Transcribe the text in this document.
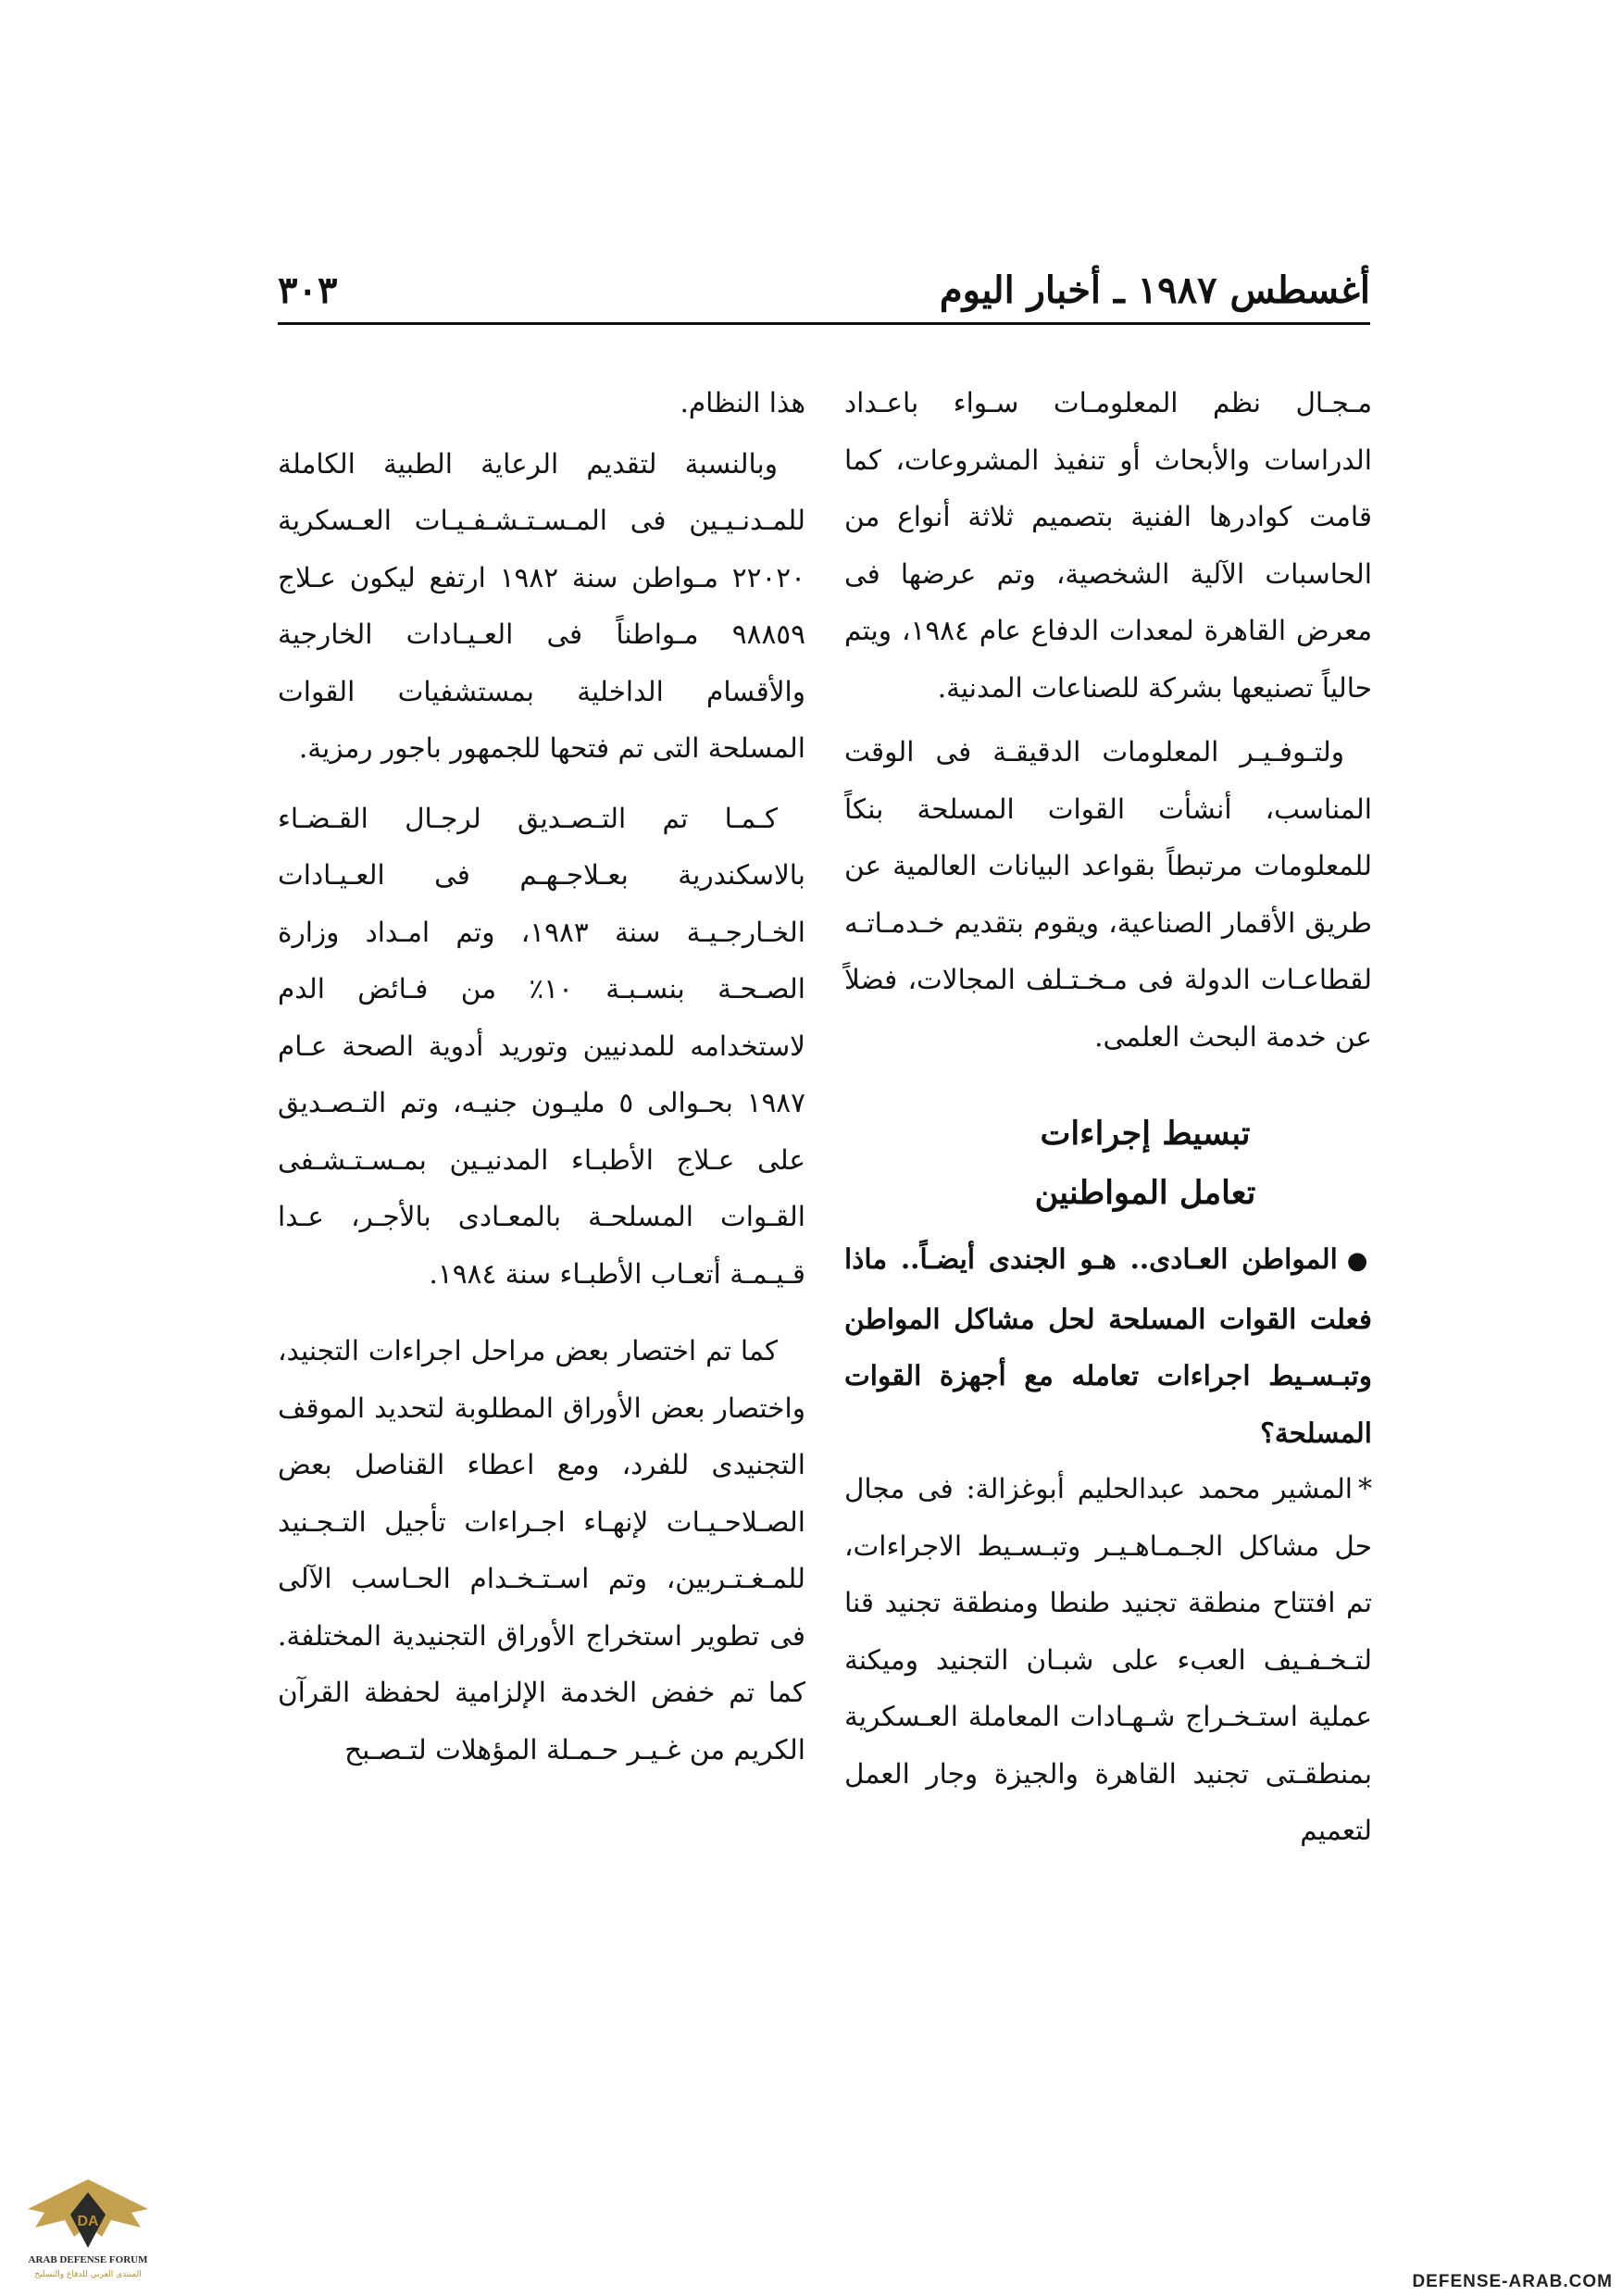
أغسطس ١٩٨٧ ـ أخبار اليوم
٣٠٣

مـجـال نظم المعلومـات سـواء باعـداد الدراسات والأبحاث أو تنفيذ المشروعات، كما قامت كوادرها الفنية بتصميم ثلاثة أنواع من الحاسبات الآلية الشخصية، وتم عرضها فى معرض القاهرة لمعدات الدفاع عام ١٩٨٤، ويتم حالياً تصنيعها بشركة للصناعات المدنية.

ولتـوفـيـر المعلومات الدقيقـة فى الوقت المناسب، أنشأت القوات المسلحة بنكاً للمعلومات مرتبطاً بقواعد البيانات العالمية عن طريق الأقمار الصناعية، ويقوم بتقديم خـدمـاتـه لقطاعـات الدولة فى مـخـتـلف المجالات، فضلاً عن خدمة البحث العلمى.

تبسيط إجراءات
تعامل المواطنين

●المواطن العـادى.. هـو الجندى أيضـاً.. ماذا فعلت القوات المسلحة لحل مشاكل المواطن وتبـسـيط اجراءات تعامله مع أجهزة القوات المسلحة؟

*المشير محمد عبدالحليم أبوغزالة: فى مجال حل مشاكل الجـمـاهـيـر وتبـسـيط الاجراءات، تم افتتاح منطقة تجنيد طنطا ومنطقة تجنيد قنا لتـخـفـيف العبء على شبـان التجنيد وميكنة عملية استـخـراج شـهـادات المعاملة العـسكرية بمنطقـتى تجنيد القاهرة والجيزة وجار العمل لتعميم

هذا النظام.

وبالنسبة لتقديم الرعاية الطبية الكاملة للمـدنـيـين فى المـسـتـشـفـيـات العـسكرية ٢٢٠٢٠ مـواطن سنة ١٩٨٢ ارتفع ليكون عـلاج ٩٨٨٥٩ مـواطناً فى العـيـادات الخارجية والأقسام الداخلية بمستشفيات القوات المسلحة التى تم فتحها للجمهور باجور رمزية.

كـمـا تم التـصـديق لرجـال القـضـاء بالاسكندرية بعـلاجـهـم فى العـيـادات الخـارجـيـة سنة ١٩٨٣، وتم امـداد وزارة الصـحـة بنسـبـة ١٠٪ من فـائض الدم لاستخدامه للمدنيين وتوريد أدوية الصحة عـام ١٩٨٧ بحـوالى ٥ مليـون جنيـه، وتم التـصـديق على عـلاج الأطبـاء المدنيـين بمـسـتـشـفى القـوات المسلحـة بالمعـادى بالأجـر، عـدا قـيـمـة أتعـاب الأطبـاء سنة ١٩٨٤.

كما تم اختصار بعض مراحل اجراءات التجنيد، واختصار بعض الأوراق المطلوبة لتحديد الموقف التجنيدى للفرد، ومع اعطاء القناصل بعض الصـلاحـيـات لإنهـاء اجـراءات تأجيل التـجـنيد للمـغـتـربين، وتم اسـتـخـدام الحـاسب الآلى فى تطوير استخراج الأوراق التجنيدية المختلفة. كما تم خفض الخدمة الإلزامية لحفظة القرآن الكريم من غـيـر حـمـلة المؤهلات لتـصـبح

DA
ARAB DEFENSE FORUM
المنتدى العربي للدفاع والتسليح	DEFENSE-ARAB.COM
